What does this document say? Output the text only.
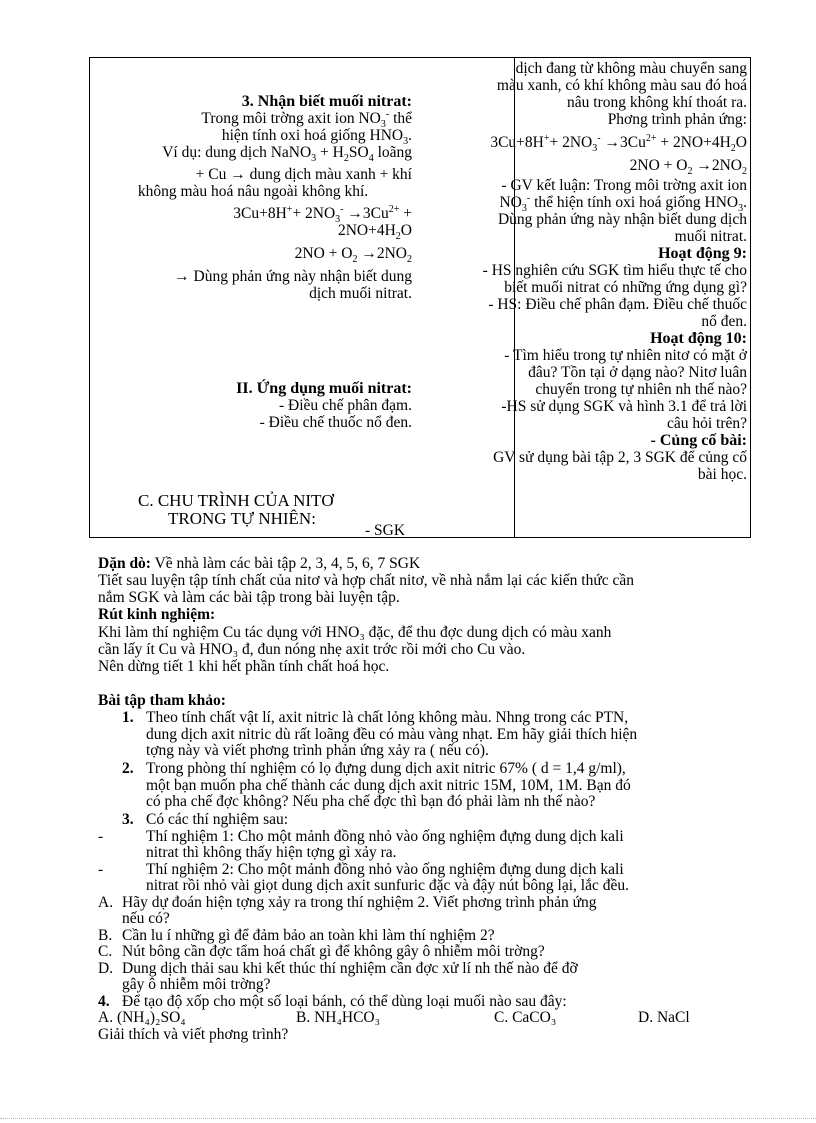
3. Nhận biết muối nitrat:
Trong môi trờng axit ion $NO_3^-$ thể
hiện tính oxi hoá giống $HNO_3$.
Ví dụ: dung dịch NaNO$_3$ + $H_2SO_4$ loãng
+ Cu → dung dịch màu xanh + khí
không màu hoá nâu ngoài không khí.
$3Cu+8H^++ 2NO_3^- \to 3Cu^{2+}$ +
$2NO+4H_2O$
$2NO + O_2 \to 2NO_2$
→ Dùng phản ứng này nhận biết dung
dịch muối nitrat.
II. Ứng dụng muối nitrat:
- Điều chế phân đạm.
- Điều chế thuốc nổ đen.
C. CHU TRÌNH CỦA NITƠ
TRONG TỰ NHIÊN:
- SGK
dịch đang từ không màu chuyển sang
màu xanh, có khí không màu sau đó hoá
nâu trong không khí thoát ra.
Phơng trình phản ứng:
$3Cu+8H^++ 2NO_3^- \to 3Cu^{2+} + 2NO+4H_2O$
$2NO + O_2 \to 2NO_2$
- GV kết luận: Trong môi trờng axit ion
$NO_3^-$ thể hiện tính oxi hoá giống $HNO_3$.
Dùng phản ứng này nhận biết dung dịch
muối nitrat.
Hoạt động 9:
- HS nghiên cứu SGK tìm hiểu thực tế cho
biết muối nitrat có những ứng dụng gì?
- HS: Điều chế phân đạm. Điều chế thuốc
nổ đen.
Hoạt động 10:
- Tìm hiểu trong tự nhiên nitơ có mặt ở
đâu? Tồn tại ở dạng nào? Nitơ luân
chuyển trong tự nhiên nh thế nào?
-HS sử dụng SGK và hình 3.1 để trả lời
câu hỏi trên?
- Củng cố bài:
GV sử dụng bài tập 2, 3 SGK để củng cố
bài học.
Dặn dò: Về nhà làm các bài tập 2, 3, 4, 5, 6, 7 SGK
Tiết sau luyện tập tính chất của nitơ và hợp chất nitơ, về nhà nắm lại các kiến thức cần
nắm SGK và làm các bài tập trong bài luyện tập.
Rút kinh nghiệm:
Khi làm thí nghiệm Cu tác dụng với HNO₃ đặc, để thu đợc dung dịch có màu xanh
cần lấy ít Cu và HNO₃ đ, đun nóng nhẹ axit trớc rồi mới cho Cu vào.
Nên dừng tiết 1 khi hết phần tính chất hoá học.
Bài tập tham khảo:
1. Theo tính chất vật lí, axit nitric là chất lỏng không màu. Nhng trong các PTN,
dung dịch axit nitric dù rất loãng đều có màu vàng nhạt. Em hãy giải thích hiện
tợng này và viết phơng trình phản ứng xảy ra ( nếu có).
2. Trong phòng thí nghiệm có lọ đựng dung dịch axit nitric 67% ( d = 1,4 g/ml),
một bạn muốn pha chế thành các dung dịch axit nitric 15M, 10M, 1M. Bạn đó
có pha chế đợc không? Nếu pha chế đợc thì bạn đó phải làm nh thế nào?
3. Có các thí nghiệm sau:
-	Thí nghiệm 1: Cho một mảnh đồng nhỏ vào ống nghiệm đựng dung dịch kali
nitrat thì không thấy hiện tợng gì xảy ra.
-	Thí nghiệm 2: Cho một mảnh đồng nhỏ vào ống nghiệm đựng dung dịch kali
nitrat rồi nhỏ vài giọt dung dịch axit sunfuric đặc và đậy nút bông lại, lắc đều.
A. Hãy dự đoán hiện tợng xảy ra trong thí nghiệm 2. Viết phơng trình phản ứng
nếu có?
B. Cần lu í những gì để đảm bảo an toàn khi làm thí nghiệm 2?
C. Nút bông cần đợc tẩm hoá chất gì để không gây ô nhiễm môi trờng?
D. Dung dịch thải sau khi kết thúc thí nghiệm cần đợc xử lí nh thế nào để đỡ
gây ô nhiễm môi trờng?
4. Để tạo độ xốp cho một số loại bánh, có thể dùng loại muối nào sau đây:
A. (NH₄)₂SO₄	B. NH₄HCO₃	C. CaCO₃	D. NaCl
Giải thích và viết phơng trình?
